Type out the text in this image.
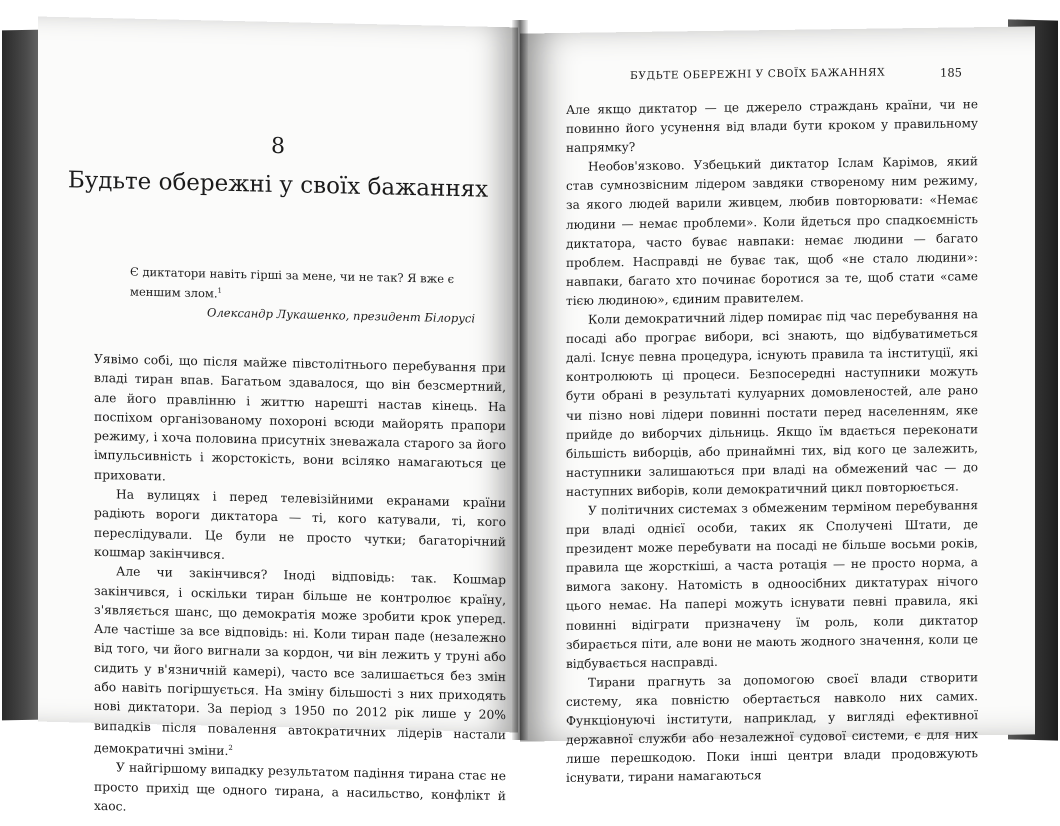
8
Будьте обережні у своїх бажаннях
Є диктатори навіть гірші за мене, чи не так? Я вже є меншим злом.$^1$
Олександр Лукашенко, президент Білорусі

Уявімо собі, що після майже півстолітнього перебування при владі тиран впав. Багатьом здавалося, що він безсмертний, але його правлінню і життю нарешті настав кінець. На поспіхом організованому похороні всюди майорять прапори режиму, і хоча половина присутніх зневажала старого за його імпульсивність і жорстокість, вони всіляко намагаються це приховати.

На вулицях і перед телевізійними екранами країни радіють вороги диктатора — ті, кого катували, ті, кого переслідували. Це були не просто чутки; багаторічний кошмар закінчився.

Але чи закінчився? Іноді відповідь: так. Кошмар закінчився, і оскільки тиран більше не контролює країну, з'являється шанс, що демократія може зробити крок уперед. Але частіше за все відповідь: ні. Коли тиран паде (незалежно від того, чи його вигнали за кордон, чи він лежить у труні або сидить у в'язничній камері), часто все залишається без змін або навіть погіршується. На зміну більшості з них приходять нові диктатори. За період з 1950 по 2012 рік лише у 20% випадків після повалення автократичних лідерів настали демократичні зміни.$^2$

У найгіршому випадку результатом падіння тирана стає не просто прихід ще одного тирана, а насильство, конфлікт й хаос.

БУДЬТЕ ОБЕРЕЖНІ У СВОЇХ БАЖАННЯХ	185

Але якщо диктатор — це джерело страждань країни, чи не повинно його усунення від влади бути кроком у правильному напрямку?

Необов'язково. Узбецький диктатор Іслам Карімов, який став сумнозвісним лідером завдяки створеному ним режиму, за якого людей варили живцем, любив повторювати: «Немає людини — немає проблеми». Коли йдеться про спадкоємність диктатора, часто буває навпаки: немає людини — багато проблем. Насправді не буває так, щоб «не стало людини»: навпаки, багато хто починає боротися за те, щоб стати «саме тією людиною», єдиним правителем.

Коли демократичний лідер помирає під час перебування на посаді або програє вибори, всі знають, що відбуватиметься далі. Існує певна процедура, існують правила та інституції, які контролюють ці процеси. Безпосередні наступники можуть бути обрані в результаті кулуарних домовленостей, але рано чи пізно нові лідери повинні постати перед населенням, яке прийде до виборчих дільниць. Якщо їм вдається переконати більшість виборців, або принаймні тих, від кого це залежить, наступники залишаються при владі на обмежений час — до наступних виборів, коли демократичний цикл повторюється.

У політичних системах з обмеженим терміном перебування при владі однієї особи, таких як Сполучені Штати, де президент може перебувати на посаді не більше восьми років, правила ще жорсткіші, а часта ротація — не просто норма, а вимога закону. Натомість в одноосібних диктатурах нічого цього немає. На папері можуть існувати певні правила, які повинні відіграти призначену їм роль, коли диктатор збирається піти, але вони не мають жодного значення, коли це відбувається насправді.

Тирани прагнуть за допомогою своєї влади створити систему, яка повністю обертається навколо них самих. Функціонуючі інститути, наприклад, у вигляді ефективної державної служби або незалежної судової системи, є для них лише перешкодою. Поки інші центри влади продовжують існувати, тирани намагаються
